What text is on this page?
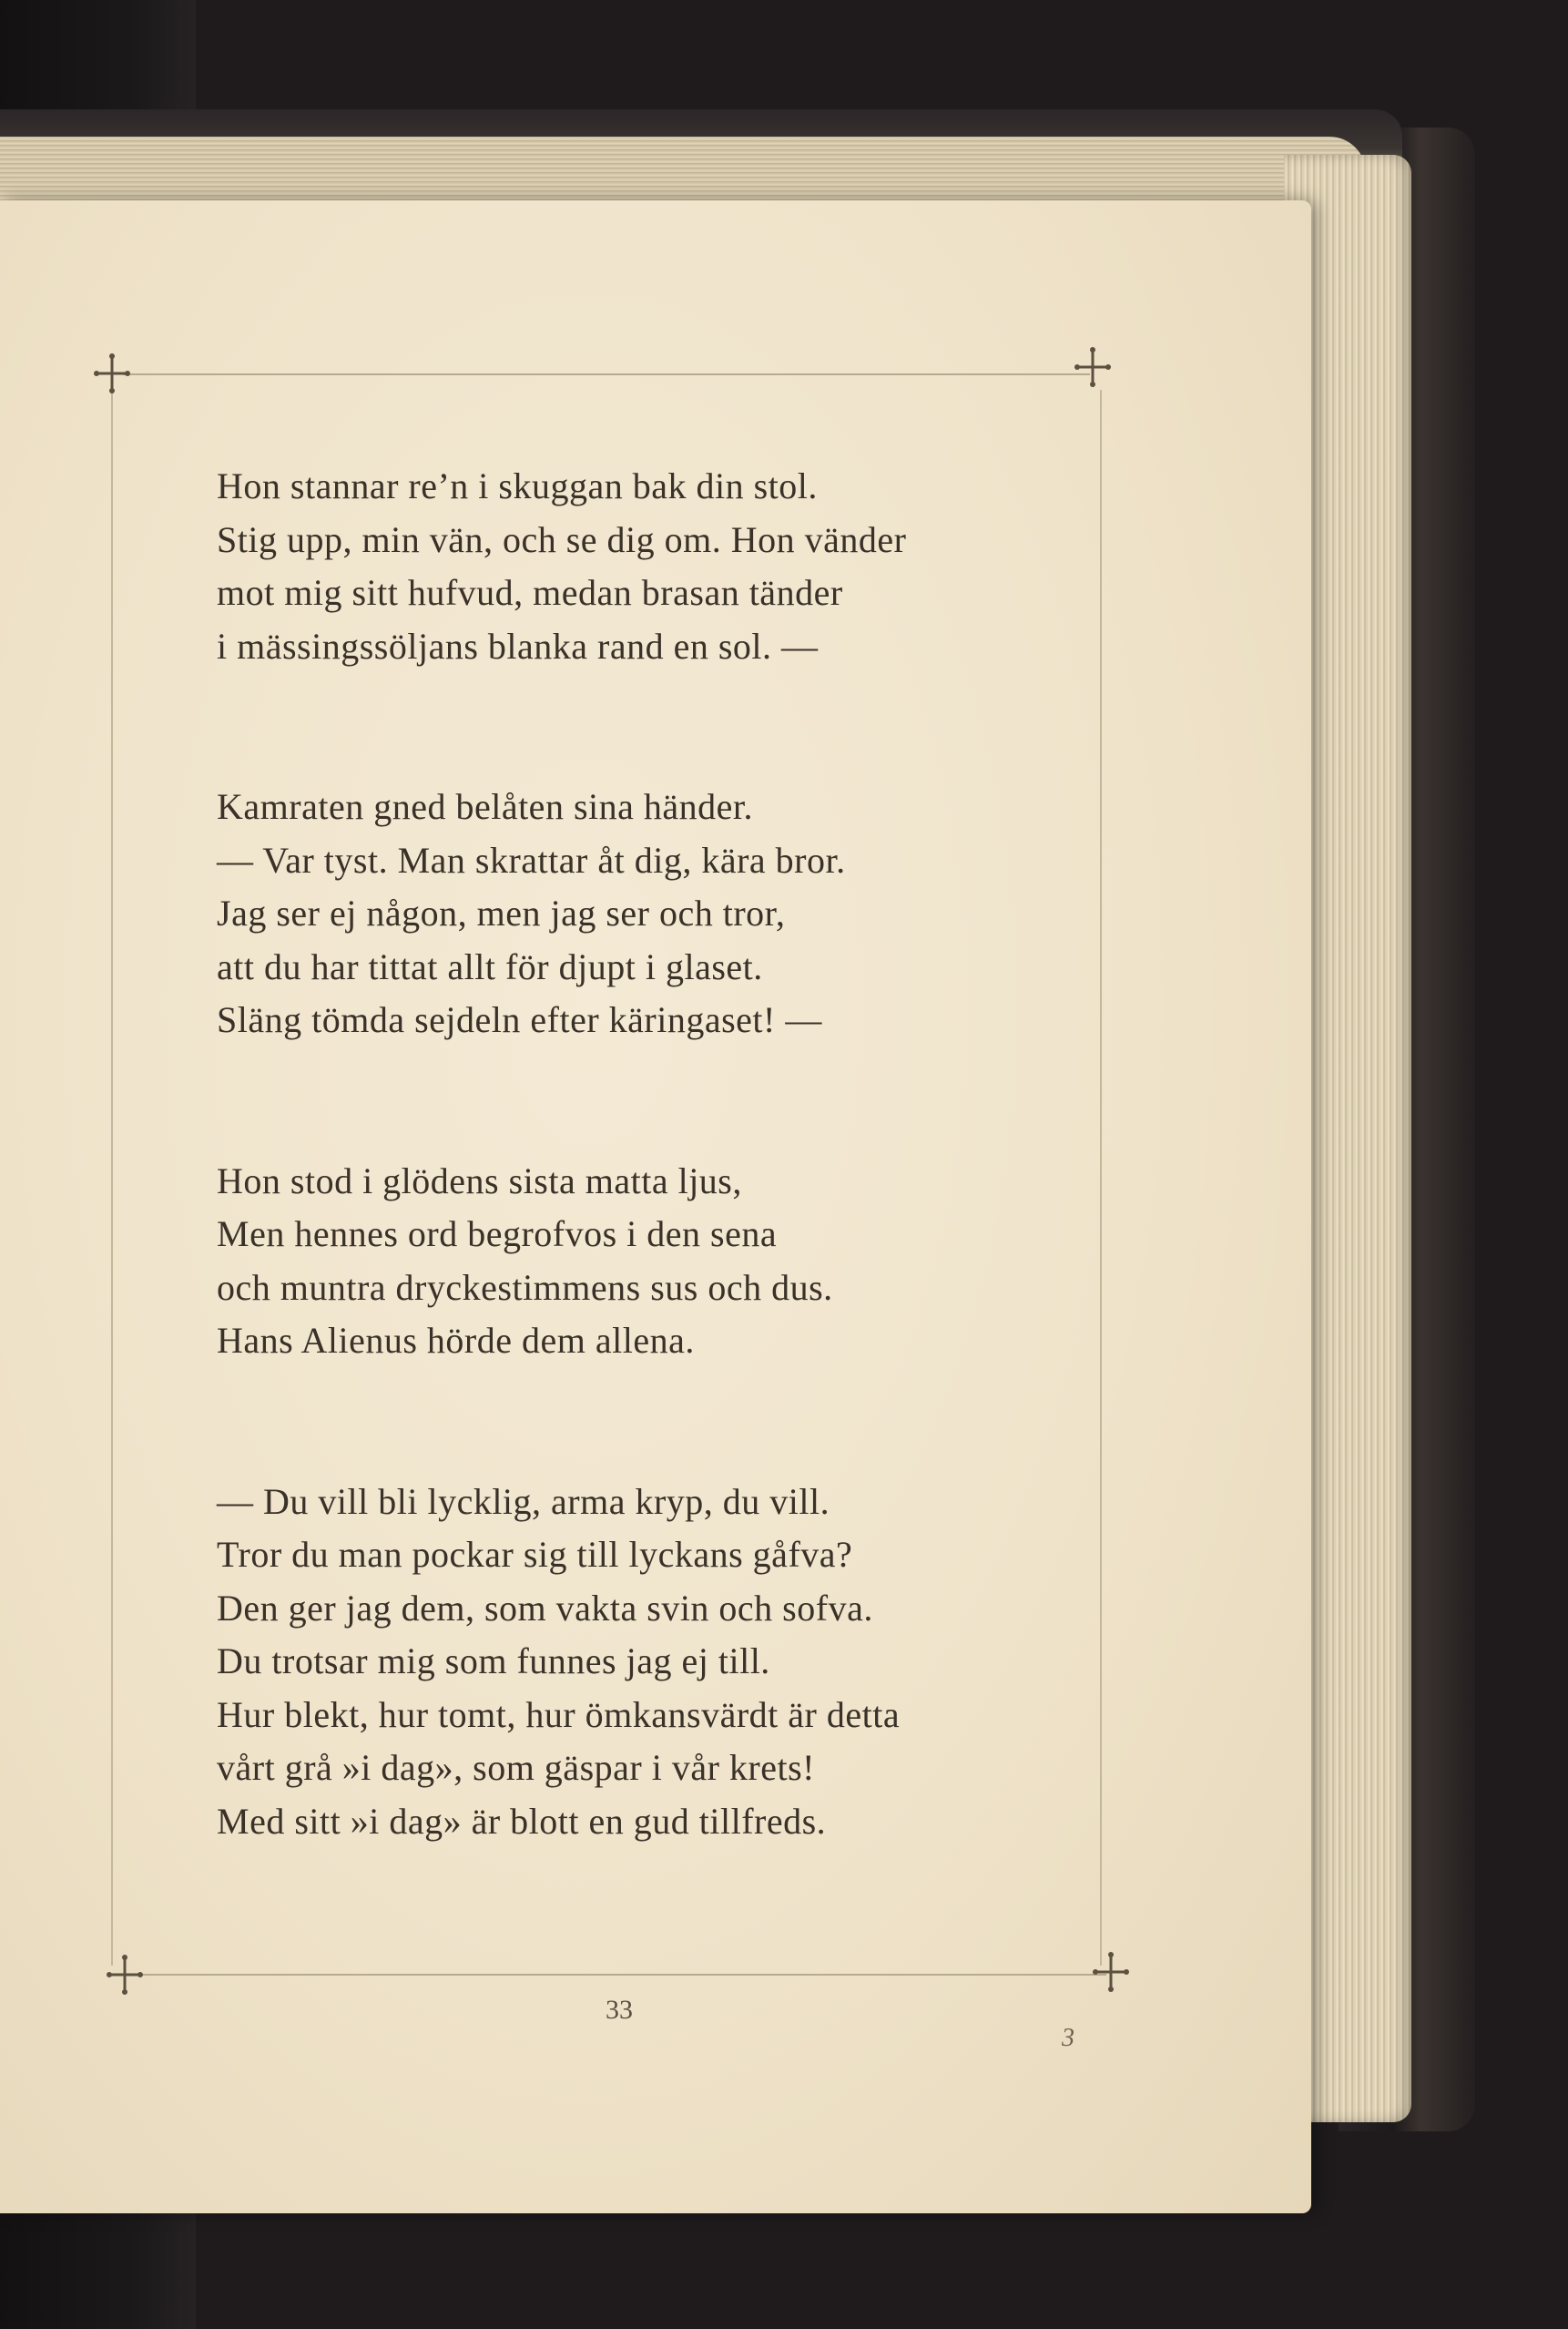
Hon stannar re’n i skuggan bak din stol.
Stig upp, min vän, och se dig om. Hon vänder
mot mig sitt hufvud, medan brasan tänder
i mässingssöljans blanka rand en sol. —
Kamraten gned belåten sina händer.
— Var tyst. Man skrattar åt dig, kära bror.
Jag ser ej någon, men jag ser och tror,
att du har tittat allt för djupt i glaset.
Släng tömda sejdeln efter käringaset! —
Hon stod i glödens sista matta ljus,
Men hennes ord begrofvos i den sena
och muntra dryckestimmens sus och dus.
Hans Alienus hörde dem allena.
— Du vill bli lycklig, arma kryp, du vill.
Tror du man pockar sig till lyckans gåfva?
Den ger jag dem, som vakta svin och sofva.
Du trotsar mig som funnes jag ej till.
Hur blekt, hur tomt, hur ömkansvärdt är detta
vårt grå »i dag», som gäspar i vår krets!
Med sitt »i dag» är blott en gud tillfreds.
33
3
